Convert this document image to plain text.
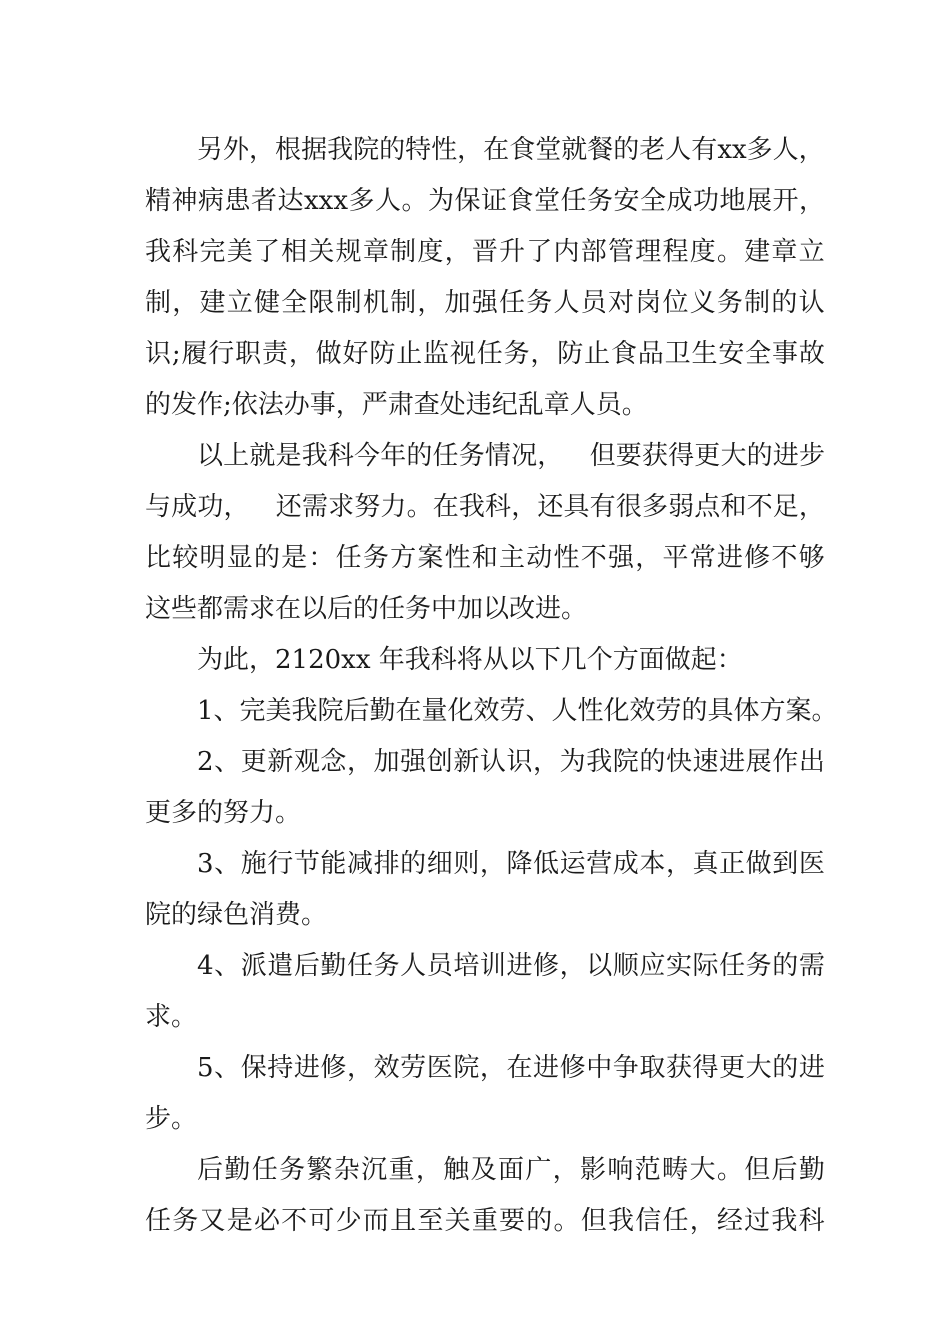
另 外 ， 根 据 我 院 的 特 性 ， 在 食 堂 就 餐 的 老 人 有 xx 多 人 ，
精 神 病 患 者 达 xxx 多 人 。 为 保 证 食 堂 任 务 安 全 成 功 地 展 开 ，
我 科 完 美 了 相 关 规 章 制 度 ， 晋 升 了 内 部 管 理 程 度 。 建 章 立
制 ， 建 立 健 全 限 制 机 制 ， 加 强 任 务 人 员 对 岗 位 义 务 制 的 认
识 ; 履 行 职 责 ， 做 好 防 止 监 视 任 务 ， 防 止 食 品 卫 生 安 全 事 故
的发作;依法办事，严肃查处违纪乱章人员。
以 上 就 是 我 科 今 年 的 任 务 情 况 ，
　 但 要 获 得 更 大 的 进 步
与 成 功 ，
　 还 需 求 努 力 。 在 我 科 ， 还 具 有 很 多 弱 点 和 不 足 ，
比 较 明 显 的 是 ： 任 务 方 案 性 和 主 动 性 不 强 ， 平 常 进 修 不 够
这些都需求在以后的任务中加以改进。
为此，2120xx 年我科将从以下几个方面做起：
1、完美我院后勤在量化效劳、人性化效劳的具体方案。
2 、 更 新 观 念 ， 加 强 创 新 认 识 ， 为 我 院 的 快 速 进 展 作 出
更多的努力。
3 、 施 行 节 能 减 排 的 细 则 ， 降 低 运 营 成 本 ， 真 正 做 到 医
院的绿色消费。
4 、 派 遣 后 勤 任 务 人 员 培 训 进 修 ， 以 顺 应 实 际 任 务 的 需
求。
5 、 保 持 进 修 ， 效 劳 医 院 ， 在 进 修 中 争 取 获 得 更 大 的 进
步。
后 勤 任 务 繁 杂 沉 重 ， 触 及 面 广 ， 影 响 范 畴 大 。 但 后 勤
任 务 又 是 必 不 可 少 而 且 至 关 重 要 的 。 但 我 信 任 ， 经 过 我 科
